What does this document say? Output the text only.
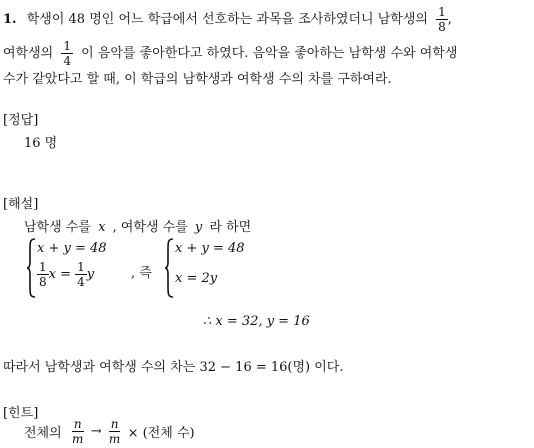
1. 학생이 48 명인 어느 학급에서 선호하는 과목을 조사하였더니 남학생의 $\frac{1}{8}$ ,
여학생의 $\frac{1}{4}$ 이 음악를 좋아한다고 하였다. 음악을 좋아하는 남학생 수와 여학생
수가 같았다고 할 때, 이 학급의 남학생과 여학생 수의 차를 구하여라.
[정답]
16 명
[해설]
남학생 수를 x , 여학생 수를 y 라 하면
x + y = 48
$\frac{1}{8}$ $x = \frac{1}{4}$ y	, 즉
x + y = 48
x = 2y
∴ x = 32, y = 16
따라서 남학생과 여학생 수의 차는 32 − 16 = 16(명) 이다.
[힌트]
전체의 $\frac{n}{m} \to \frac{n}{m}$ × (전체 수)
